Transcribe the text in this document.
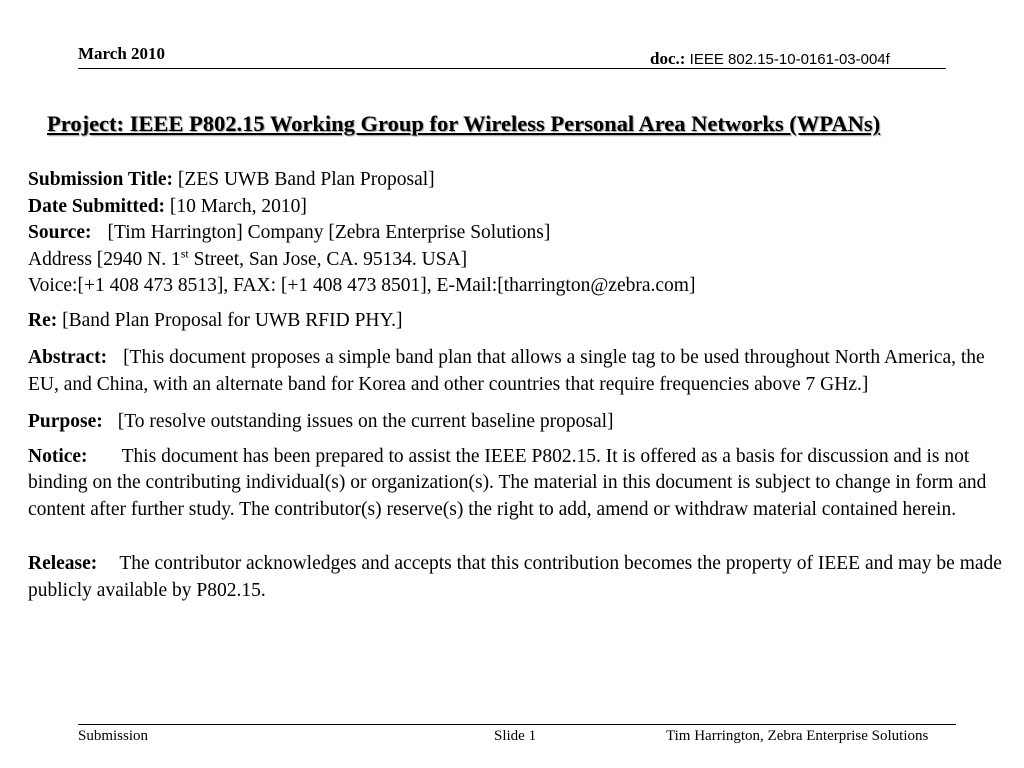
March 2010	doc.: IEEE 802.15-10-0161-03-004f
Project: IEEE P802.15 Working Group for Wireless Personal Area Networks (WPANs)

Submission Title: [ZES UWB Band Plan Proposal]

Date Submitted: [10 March, 2010]

Source: [Tim Harrington] Company [Zebra Enterprise Solutions]

Address [2940 N. 1st Street, San Jose, CA. 95134. USA]

Voice:[+1 408 473 8513], FAX: [+1 408 473 8501], E-Mail:[tharrington@zebra.com]

Re: [Band Plan Proposal for UWB RFID PHY.]

Abstract: [This document proposes a simple band plan that allows a single tag to be used throughout North America, the EU, and China, with an alternate band for Korea and other countries that require frequencies above 7 GHz.]

Purpose: [To resolve outstanding issues on the current baseline proposal]

Notice: This document has been prepared to assist the IEEE P802.15. It is offered as a basis for discussion and is not binding on the contributing individual(s) or organization(s). The material in this document is subject to change in form and content after further study. The contributor(s) reserve(s) the right to add, amend or withdraw material contained herein.

Release: The contributor acknowledges and accepts that this contribution becomes the property of IEEE and may be made publicly available by P802.15.

Submission	Slide 1	Tim Harrington, Zebra Enterprise Solutions
